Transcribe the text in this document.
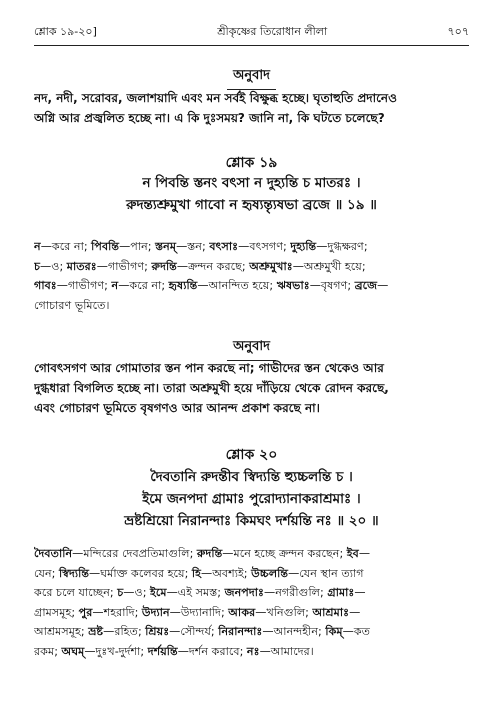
শ্লোক ১৯-২০]	শ্রীকৃষ্ণের তিরোধান লীলা	৭০৭
অনুবাদ

নদ, নদী, সরোবর, জলাশয়াদি এবং মন সর্বই বিক্ষুব্ধ হচ্ছে। ঘৃতাহুতি প্রদানেও

অগ্নি আর প্রজ্বলিত হচ্ছে না। এ কি দুঃসময়? জানি না, কি ঘটতে চলেছে?

শ্লোক ১৯

ন পিবন্তি স্তনং বৎসা ন দুহ্যন্তি চ মাতরঃ ।

রুদন্ত্যশ্রুমুখা গাবো ন হৃষ্যন্ত্যৃষভা ব্রজে ॥ ১৯ ॥

ন—করে না; পিবন্তি—পান; স্তনম্‌—স্তন; বৎসাঃ—বৎসগণ; দুহ্যন্তি—দুগ্ধক্ষরণ;

চ—ও; মাতরঃ—গাভীগণ; রুদন্তি—ক্রন্দন করছে; অশ্রুমুখাঃ—অশ্রুমুখী হয়ে;

গাবঃ—গাভীগণ; ন—করে না; হৃষ্যন্তি—আনন্দিত হয়ে; ঋষভাঃ—বৃষগণ; ব্রজে—

গোচারণ ভূমিতে।

অনুবাদ

গোবৎসগণ আর গোমাতার স্তন পান করছে না; গাভীদের স্তন থেকেও আর

দুগ্ধধারা বিগলিত হচ্ছে না। তারা অশ্রুমুখী হয়ে দাঁড়িয়ে থেকে রোদন করছে,

এবং গোচারণ ভূমিতে বৃষগণও আর আনন্দ প্রকাশ করছে না।

শ্লোক ২০

দৈবতানি রুদন্তীব স্বিদ্যন্তি হ্যুচ্চলন্তি চ ।

ইমে জনপদা গ্রামাঃ পুরোদ্যানাকরাশ্রমাঃ ।

ভ্রষ্টশ্রিয়ো নিরানন্দাঃ কিমঘং দর্শয়ন্তি নঃ ॥ ২০ ॥

দৈবতানি—মন্দিরের দেবপ্রতিমাগুলি; রুদন্তি—মনে হচ্ছে ক্রন্দন করছেন; ইব—

যেন; স্বিদ্যন্তি—ঘর্মাক্ত কলেবর হয়ে; হি—অবশ্যই; উচ্চলন্তি—যেন স্থান ত্যাগ

করে চলে যাচ্ছেন; চ—ও; ইমে—এই সমস্ত; জনপদাঃ—নগরীগুলি; গ্রামাঃ—

গ্রামসমূহ; পুর—শহরাদি; উদ্যান—উদ্যানাদি; আকর—খনিগুলি; আশ্রমাঃ—

আশ্রমসমূহ; ভ্রষ্ট—রহিত; শ্রিয়ঃ—সৌন্দর্য; নিরানন্দাঃ—আনন্দহীন; কিম্‌—কত

রকম; অঘম্‌—দুঃখ-দুর্দশা; দর্শয়ন্তি—দর্শন করাবে; নঃ—আমাদের।
